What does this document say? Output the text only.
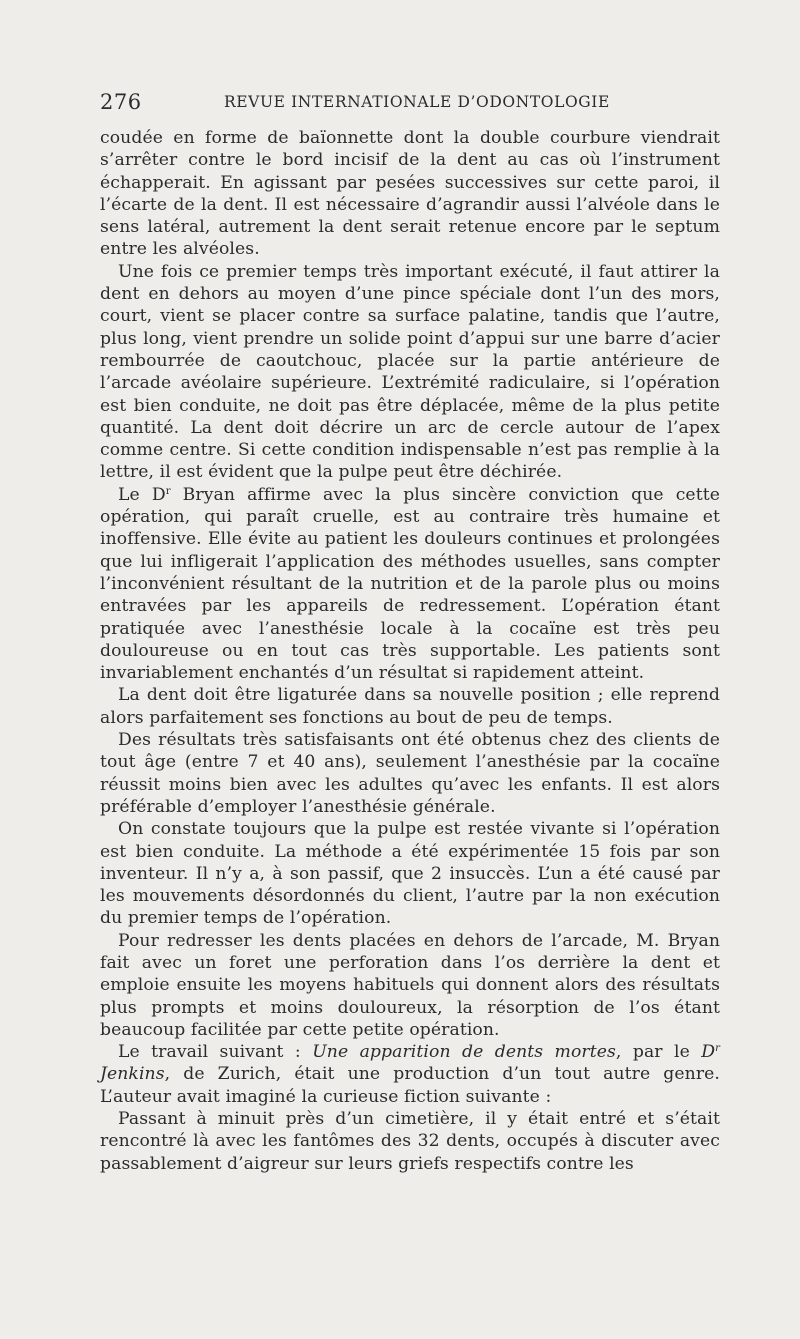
276	REVUE INTERNATIONALE D’ODONTOLOGIE

coudée en forme de baïonnette dont la double courbure viendrait s’arrêter contre le bord incisif de la dent au cas où l’instrument échapperait. En agissant par pesées successives sur cette paroi, il l’écarte de la dent. Il est nécessaire d’agrandir aussi l’alvéole dans le sens latéral, autrement la dent serait retenue encore par le septum entre les alvéoles.

Une fois ce premier temps très important exécuté, il faut attirer la dent en dehors au moyen d’une pince spéciale dont l’un des mors, court, vient se placer contre sa surface palatine, tandis que l’autre, plus long, vient prendre un solide point d’appui sur une barre d’acier rembourrée de caoutchouc, placée sur la partie antérieure de l’arcade avéolaire supérieure. L’extrémité radiculaire, si l’opération est bien conduite, ne doit pas être déplacée, même de la plus petite quantité. La dent doit décrire un arc de cercle autour de l’apex comme centre. Si cette condition indispensable n’est pas remplie à la lettre, il est évident que la pulpe peut être déchirée.

Le $D^r$ Bryan affirme avec la plus sincère conviction que cette opération, qui paraît cruelle, est au contraire très humaine et inoffensive. Elle évite au patient les douleurs continues et prolongées que lui infligerait l’application des méthodes usuelles, sans compter l’inconvénient résultant de la nutrition et de la parole plus ou moins entravées par les appareils de redressement. L’opération étant pratiquée avec l’anesthésie locale à la cocaïne est très peu douloureuse ou en tout cas très supportable. Les patients sont invariablement enchantés d’un résultat si rapidement atteint.

La dent doit être ligaturée dans sa nouvelle position ; elle reprend alors parfaitement ses fonctions au bout de peu de temps.

Des résultats très satisfaisants ont été obtenus chez des clients de tout âge (entre 7 et 40 ans), seulement l’anesthésie par la cocaïne réussit moins bien avec les adultes qu’avec les enfants. Il est alors préférable d’employer l’anesthésie générale.

On constate toujours que la pulpe est restée vivante si l’opération est bien conduite. La méthode a été expérimentée 15 fois par son inventeur. Il n’y a, à son passif, que 2 insuccès. L’un a été causé par les mouvements désordonnés du client, l’autre par la non exécution du premier temps de l’opération.

Pour redresser les dents placées en dehors de l’arcade, M. Bryan fait avec un foret une perforation dans l’os derrière la dent et emploie ensuite les moyens habituels qui donnent alors des résultats plus prompts et moins douloureux, la résorption de l’os étant beaucoup facilitée par cette petite opération.

Le travail suivant : Une apparition de dents mortes, par le $D^r$ Jenkins, de Zurich, était une production d’un tout autre genre. L’auteur avait imaginé la curieuse fiction suivante :

Passant à minuit près d’un cimetière, il y était entré et s’était rencontré là avec les fantômes des 32 dents, occupés à discuter avec passablement d’aigreur sur leurs griefs respectifs contre les
